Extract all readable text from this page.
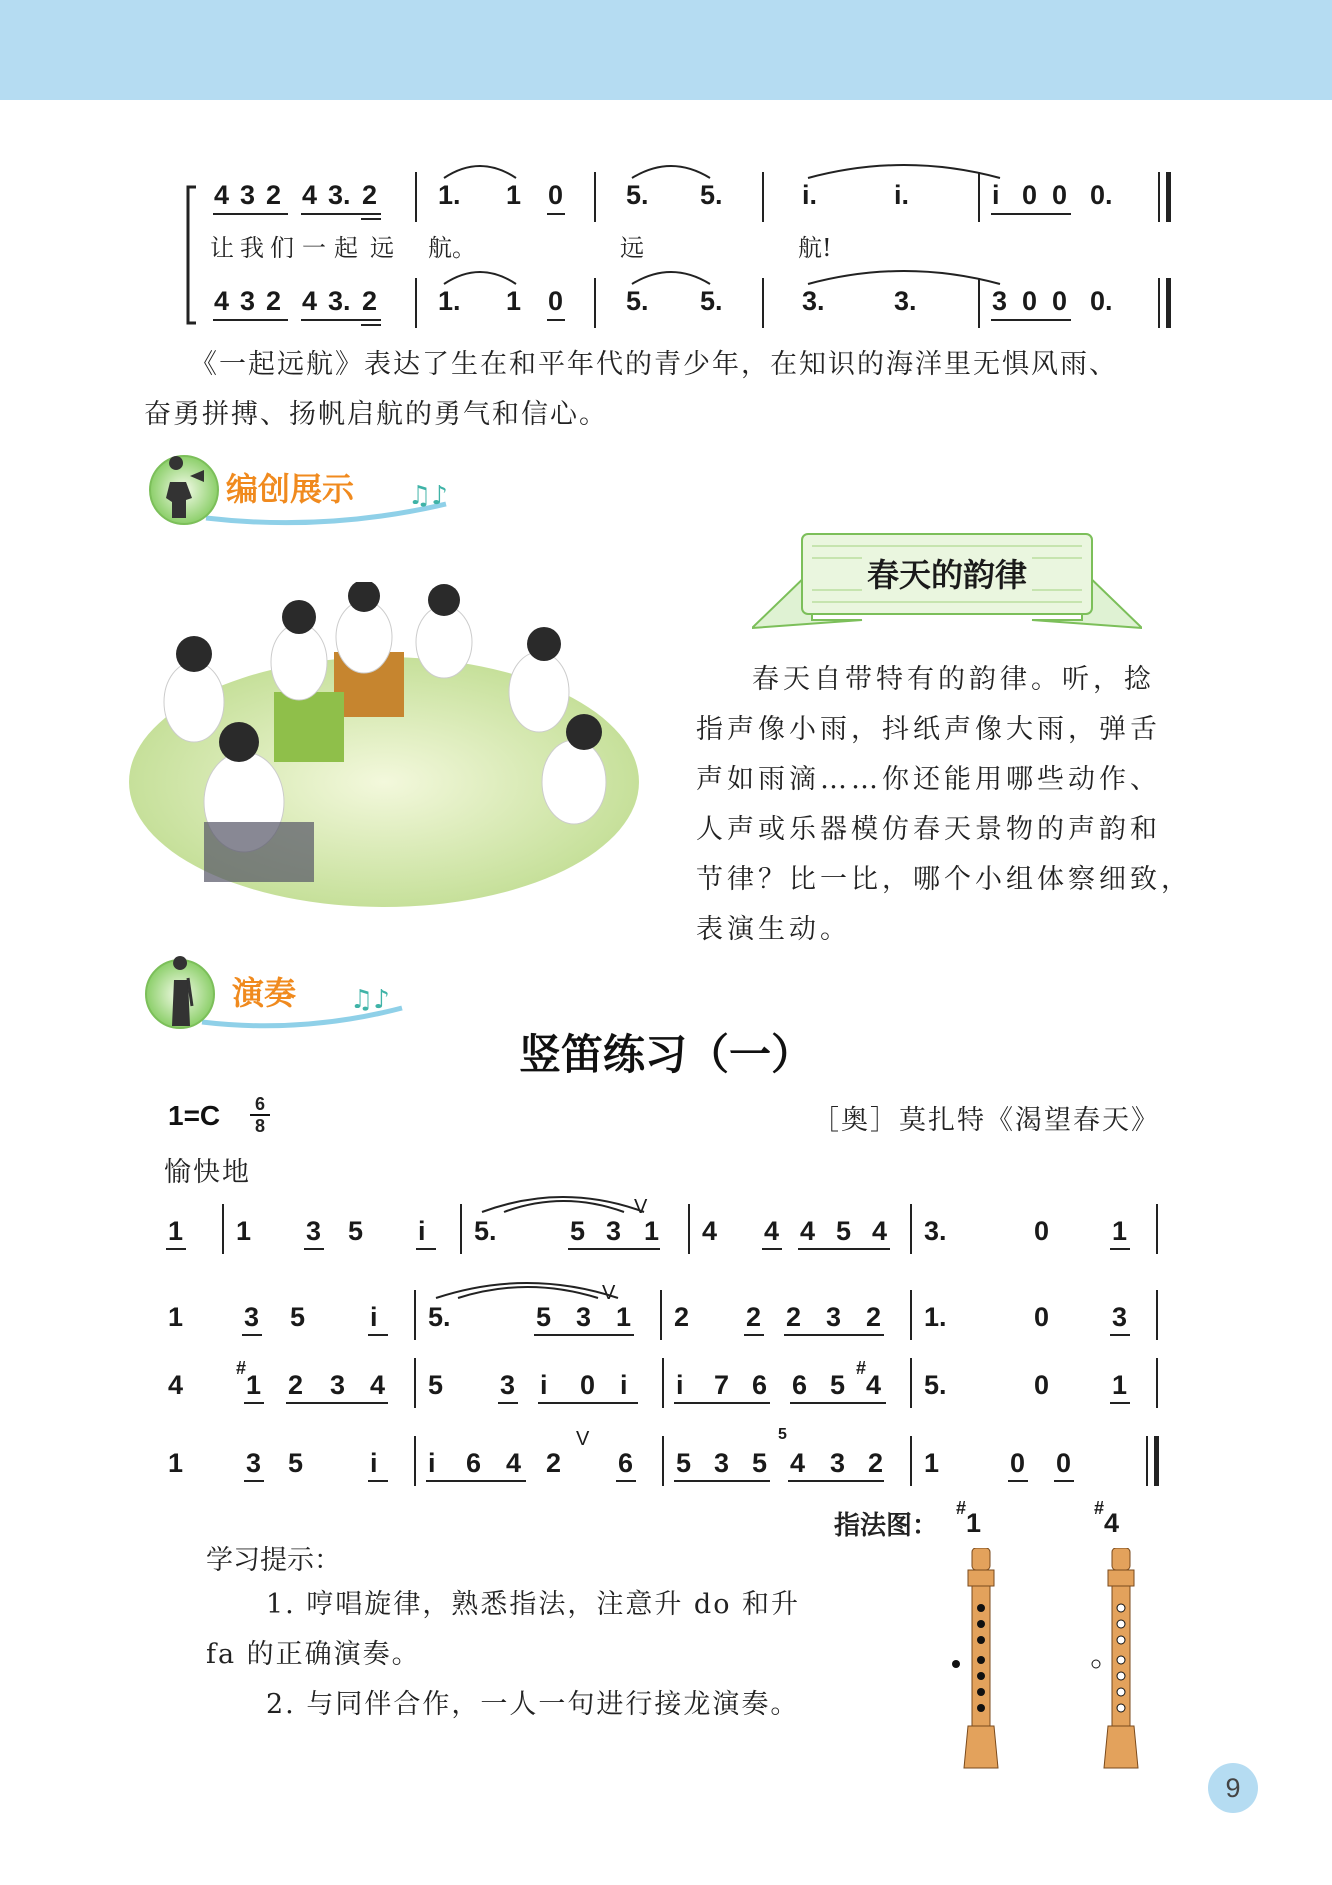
4 3 2 4 3. 2 1. 1 0 5. 5.	i.	i.	i 0 0 0.
让 我 们 一 起 远 航。	远	航!
4 3 2 4 3. 2 1. 1 0 5. 5.	3.	3.	3 0 0 0.
《一起远航》表达了生在和平年代的青少年，在知识的海洋里无惧风雨、
奋勇拼搏、扬帆启航的勇气和信心。
♫♪
编创展示
春天的韵律
春天自带特有的韵律。听，捻
指声像小雨，抖纸声像大雨，弹舌
声如雨滴……你还能用哪些动作、
人声或乐器模仿春天景物的声韵和
节律？比一比，哪个小组体察细致，
表演生动。
♫♪
演奏
竖笛练习（一）
1=C 6
8	［奥］莫扎特《渴望春天》
愉快地
1 1 3 5 i 5.	5 3 1
V
4 4 4 5 4 3.	0 1
1 3 5 i 5.	5 3 1
V
2 2 2 3 2 1.	0 3
4
#
1 2 3 4 5 3 i 0 i i 7 6 6 5
#
4 5.	0 1
1 3 5 i i 6 4 2
V
6 5 3 5
5
4 3 2 1	0 0
指法图：
# 1	# 4
学习提示：
1. 哼唱旋律，熟悉指法，注意升 do 和升
fa 的正确演奏。
2. 与同伴合作，一人一句进行接龙演奏。
9
